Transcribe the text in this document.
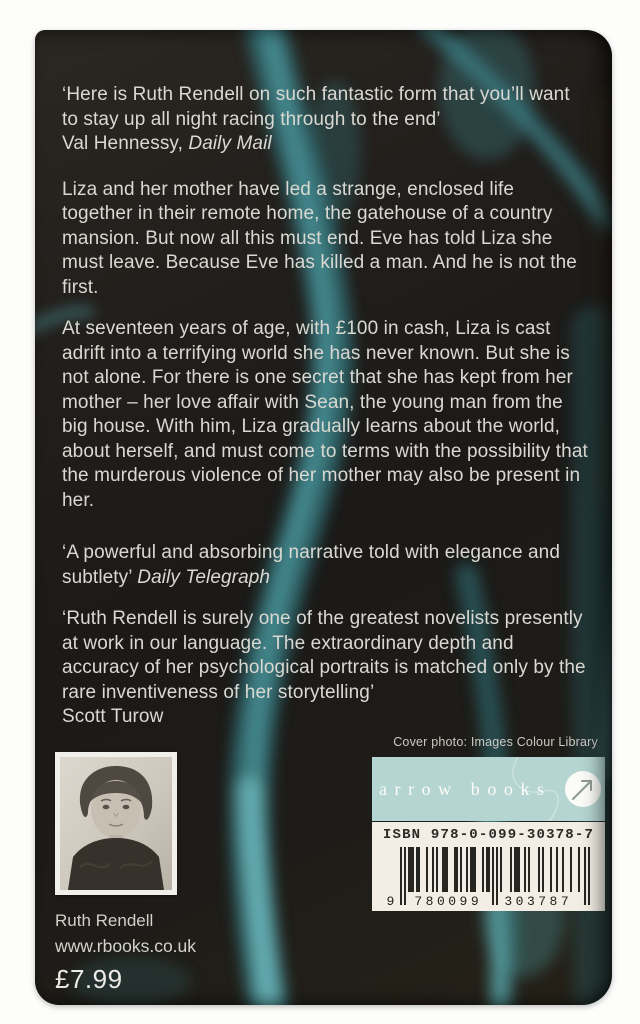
‘Here is Ruth Rendell on such fantastic form that you’ll want to stay up all night racing through to the end’
Val Hennessy, Daily Mail

Liza and her mother have led a strange, enclosed life together in their remote home, the gatehouse of a country mansion. But now all this must end. Eve has told Liza she must leave. Because Eve has killed a man. And he is not the first.

At seventeen years of age, with £100 in cash, Liza is cast adrift into a terrifying world she has never known. But she is not alone. For there is one secret that she has kept from her mother – her love affair with Sean, the young man from the big house. With him, Liza gradually learns about the world, about herself, and must come to terms with the possibility that the murderous violence of her mother may also be present in her.

‘A powerful and absorbing narrative told with elegance and subtlety’ Daily Telegraph

‘Ruth Rendell is surely one of the greatest novelists presently at work in our language. The extraordinary depth and accuracy of her psychological portraits is matched only by the rare inventiveness of her storytelling’
Scott Turow

Cover photo: Images Colour Library
arrow books
ISBN 978-0-099-30378-7
9	780099	303787
Ruth Rendell
www.rbooks.co.uk
£7.99
